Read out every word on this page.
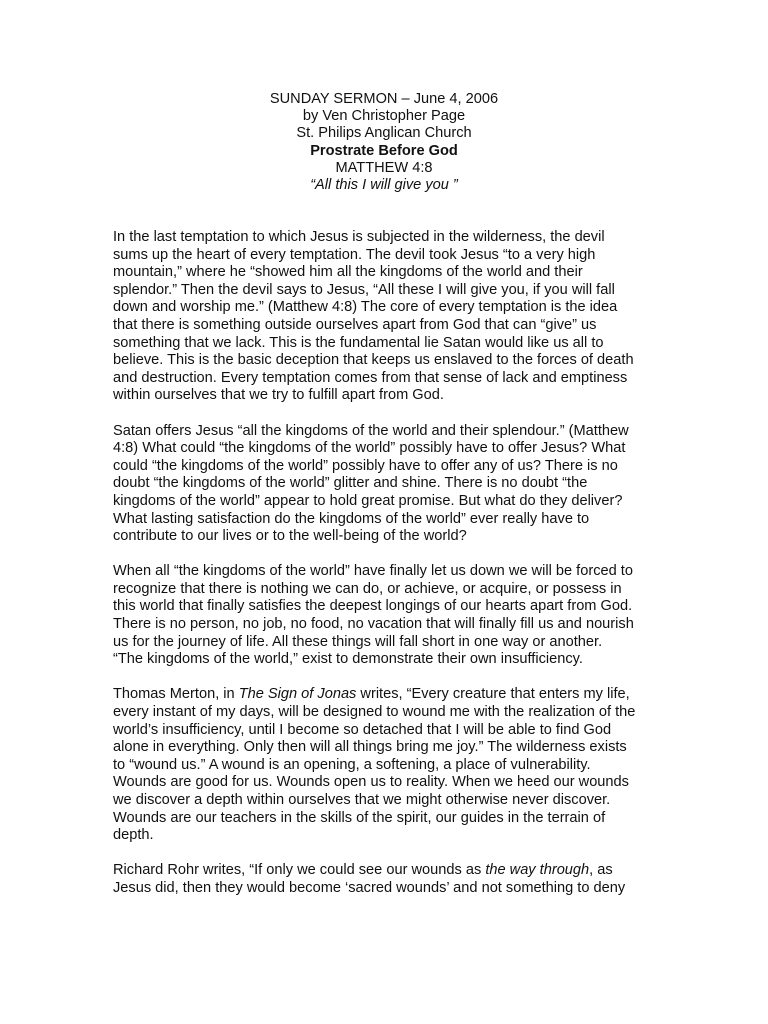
SUNDAY SERMON – June 4, 2006
by Ven Christopher Page
St. Philips Anglican Church
Prostrate Before God
MATTHEW 4:8
“All this I will give you ”

In the last temptation to which Jesus is subjected in the wilderness, the devil
sums up the heart of every temptation. The devil took Jesus “to a very high
mountain,” where he “showed him all the kingdoms of the world and their
splendor.” Then the devil says to Jesus, “All these I will give you, if you will fall
down and worship me.” (Matthew 4:8) The core of every temptation is the idea
that there is something outside ourselves apart from God that can “give” us
something that we lack. This is the fundamental lie Satan would like us all to
believe. This is the basic deception that keeps us enslaved to the forces of death
and destruction. Every temptation comes from that sense of lack and emptiness
within ourselves that we try to fulfill apart from God.

Satan offers Jesus “all the kingdoms of the world and their splendour.” (Matthew
4:8) What could “the kingdoms of the world” possibly have to offer Jesus? What
could “the kingdoms of the world” possibly have to offer any of us? There is no
doubt “the kingdoms of the world” glitter and shine. There is no doubt “the
kingdoms of the world” appear to hold great promise. But what do they deliver?
What lasting satisfaction do the kingdoms of the world” ever really have to
contribute to our lives or to the well-being of the world?

When all “the kingdoms of the world” have finally let us down we will be forced to
recognize that there is nothing we can do, or achieve, or acquire, or possess in
this world that finally satisfies the deepest longings of our hearts apart from God.
There is no person, no job, no food, no vacation that will finally fill us and nourish
us for the journey of life. All these things will fall short in one way or another.
“The kingdoms of the world,” exist to demonstrate their own insufficiency.

Thomas Merton, in The Sign of Jonas writes, “Every creature that enters my life,
every instant of my days, will be designed to wound me with the realization of the
world’s insufficiency, until I become so detached that I will be able to find God
alone in everything. Only then will all things bring me joy.” The wilderness exists
to “wound us.” A wound is an opening, a softening, a place of vulnerability.
Wounds are good for us. Wounds open us to reality. When we heed our wounds
we discover a depth within ourselves that we might otherwise never discover.
Wounds are our teachers in the skills of the spirit, our guides in the terrain of
depth.

Richard Rohr writes, “If only we could see our wounds as the way through, as
Jesus did, then they would become ‘sacred wounds’ and not something to deny
